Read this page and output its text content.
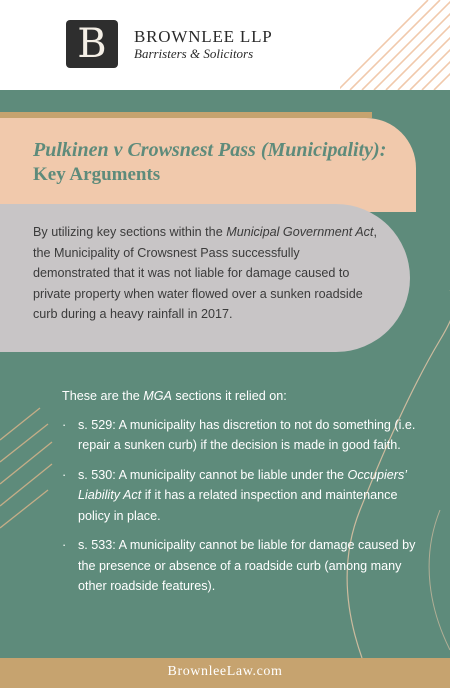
B	BROWNLEE LLP
Barristers & Solicitors
Pulkinen v Crowsnest Pass (Municipality):
Key Arguments
By utilizing key sections within the Municipal Government Act, the Municipality of Crowsnest Pass successfully demonstrated that it was not liable for damage caused to private property when water flowed over a sunken roadside curb during a heavy rainfall in 2017.
These are the MGA sections it relied on:
· s. 529: A municipality has discretion to not do something (i.e. repair a sunken curb) if the decision is made in good faith.
· s. 530: A municipality cannot be liable under the Occupiers’ Liability Act if it has a related inspection and maintenance policy in place.
· s. 533: A municipality cannot be liable for damage caused by the presence or absence of a roadside curb (among many other roadside features).
BrownleeLaw.com
